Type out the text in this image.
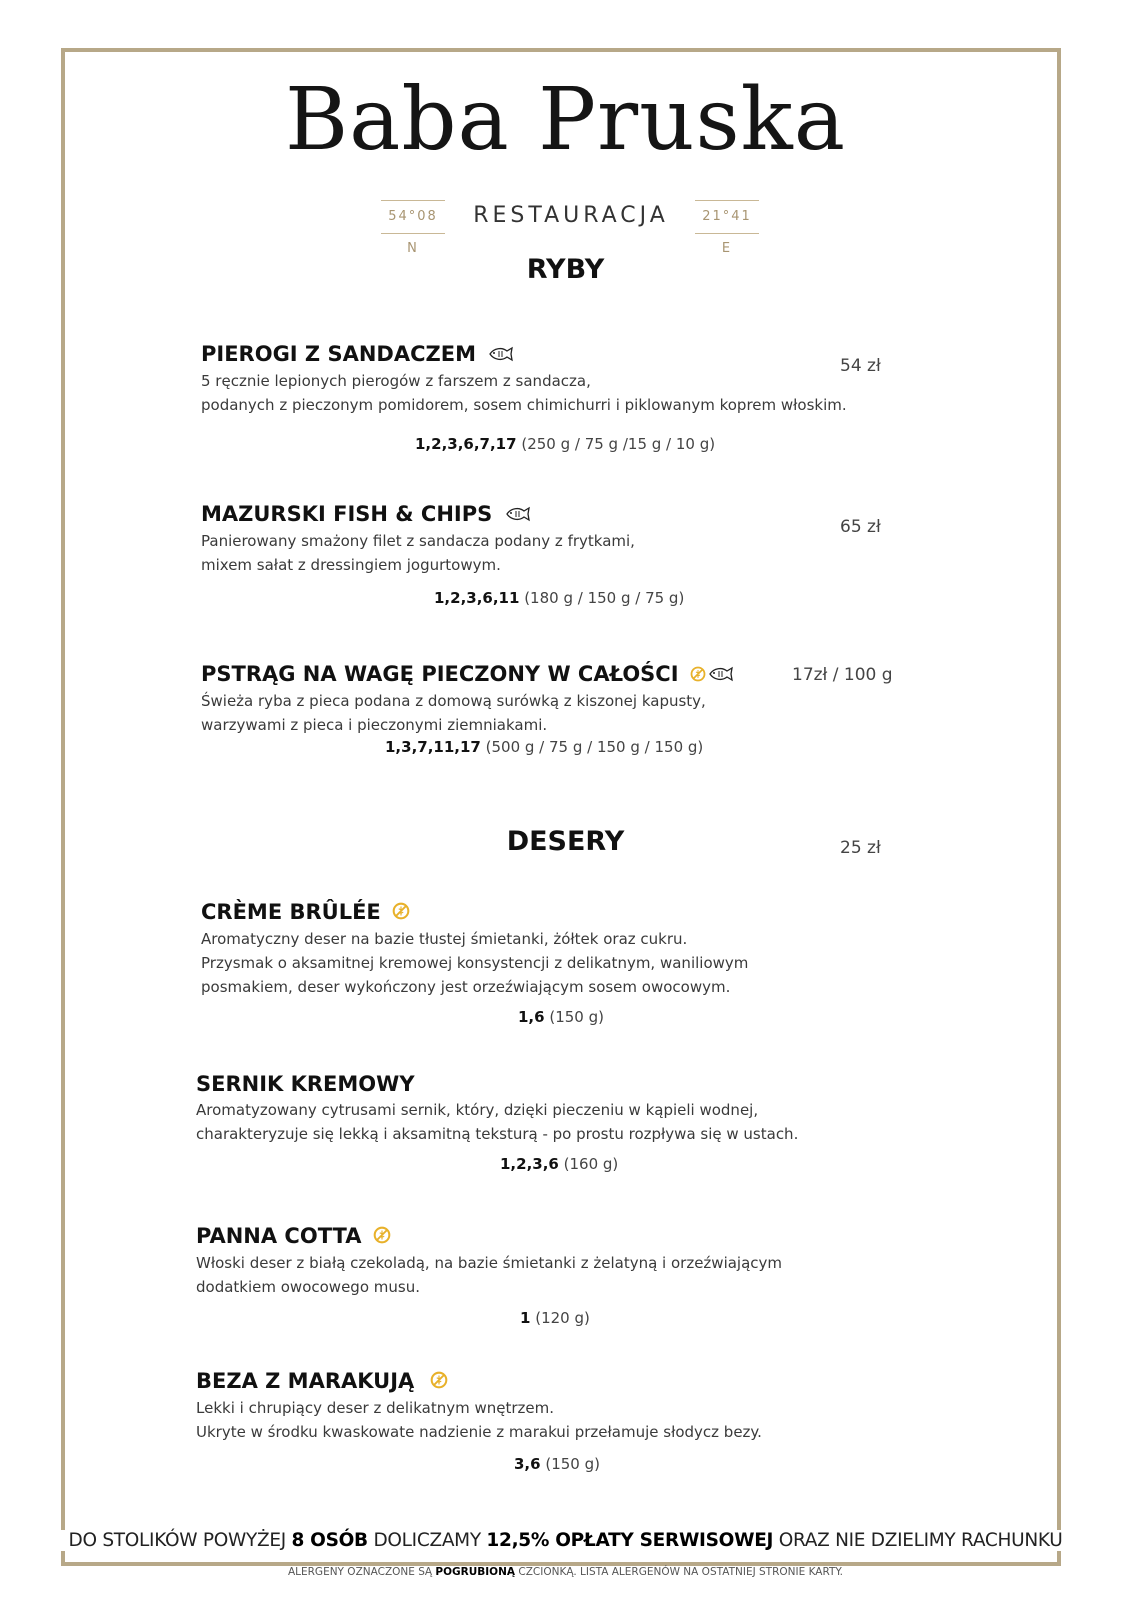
Baba Pruska
54°08 N
RESTAURACJA	21°41 E
RYBY
PIEROGI Z SANDACZEM
5 ręcznie lepionych pierogów z farszem z sandacza,
podanych z pieczonym pomidorem, sosem chimichurri i piklowanym koprem włoskim.
54 zł
1,2,3,6,7,17 (250 g / 75 g /15 g / 10 g)
MAZURSKI FISH & CHIPS
Panierowany smażony filet z sandacza podany z frytkami,
mixem sałat z dressingiem jogurtowym.
65 zł
1,2,3,6,11 (180 g / 150 g / 75 g)
PSTRĄG NA WAGĘ PIECZONY W CAŁOŚCI
Świeża ryba z pieca podana z domową surówką z kiszonej kapusty,
warzywami z pieca i pieczonymi ziemniakami.
17zł / 100 g
1,3,7,11,17 (500 g / 75 g / 150 g / 150 g)
DESERY	25 zł
CRÈME BRÛLÉE
Aromatyczny deser na bazie tłustej śmietanki, żółtek oraz cukru.
Przysmak o aksamitnej kremowej konsystencji z delikatnym, waniliowym
posmakiem, deser wykończony jest orzeźwiającym sosem owocowym.
1,6 (150 g)
SERNIK KREMOWY
Aromatyzowany cytrusami sernik, który, dzięki pieczeniu w kąpieli wodnej,
charakteryzuje się lekką i aksamitną teksturą - po prostu rozpływa się w ustach.
1,2,3,6 (160 g)
PANNA COTTA
Włoski deser z białą czekoladą, na bazie śmietanki z żelatyną i orzeźwiającym
dodatkiem owocowego musu.
1 (120 g)
BEZA Z MARAKUJĄ
Lekki i chrupiący deser z delikatnym wnętrzem.
Ukryte w środku kwaskowate nadzienie z marakui przełamuje słodycz bezy.
3,6 (150 g)
DO STOLIKÓW POWYŻEJ 8 OSÓB DOLICZAMY 12,5% OPŁATY SERWISOWEJ ORAZ NIE DZIELIMY RACHUNKU
ALERGENY OZNACZONE SĄ POGRUBIONĄ CZCIONKĄ. LISTA ALERGENÓW NA OSTATNIEJ STRONIE KARTY.
